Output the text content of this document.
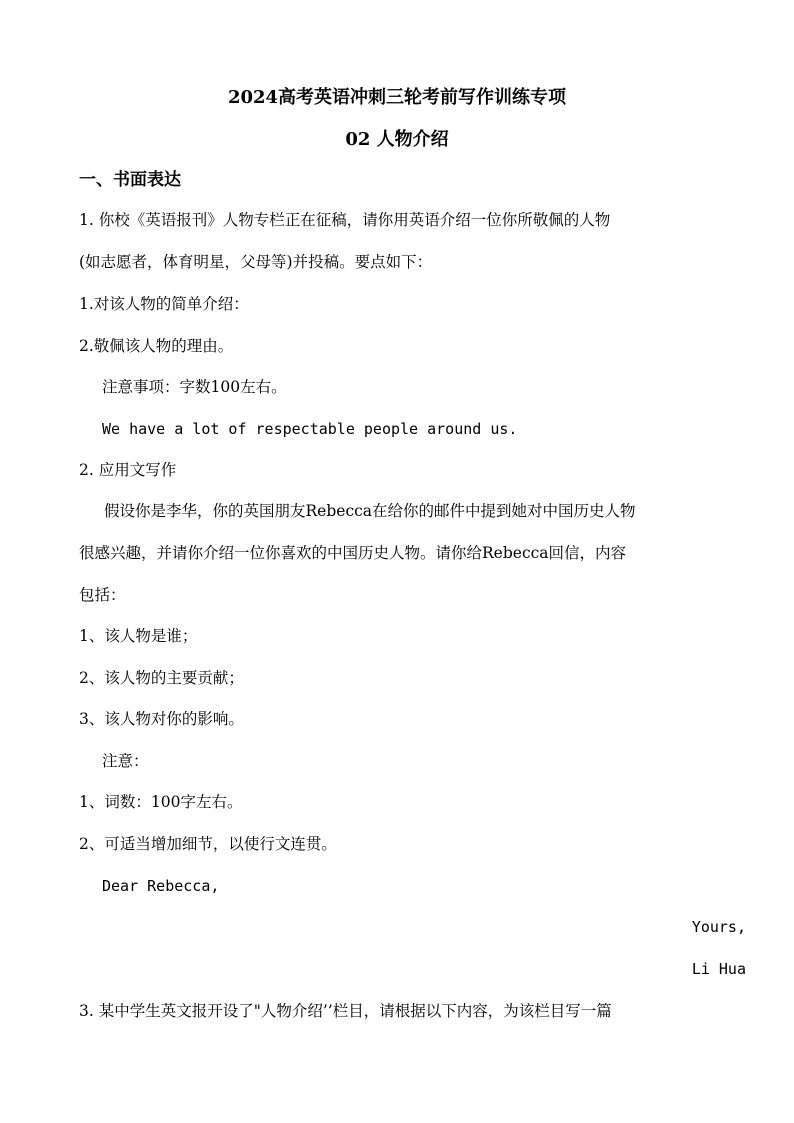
2024高考英语冲刺三轮考前写作训练专项
02 人物介绍
一、书面表达
1. 你校《英语报刊》人物专栏正在征稿，请你用英语介绍一位你所敬佩的人物
(如志愿者，体育明星，父母等)并投稿。要点如下：
1.对该人物的简单介绍：
2.敬佩该人物的理由。
注意事项：字数100左右。
We have a lot of respectable people around us.
2. 应用文写作
假设你是李华，你的英国朋友Rebecca在给你的邮件中提到她对中国历史人物
很感兴趣，并请你介绍一位你喜欢的中国历史人物。请你给Rebecca回信，内容
包括：
1、该人物是谁；
2、该人物的主要贡献；
3、该人物对你的影响。
注意：
1、词数：100字左右。
2、可适当增加细节，以使行文连贯。
Dear Rebecca,
Yours,
Li Hua
3. 某中学生英文报开设了"人物介绍’’栏目，请根据以下内容，为该栏目写一篇
